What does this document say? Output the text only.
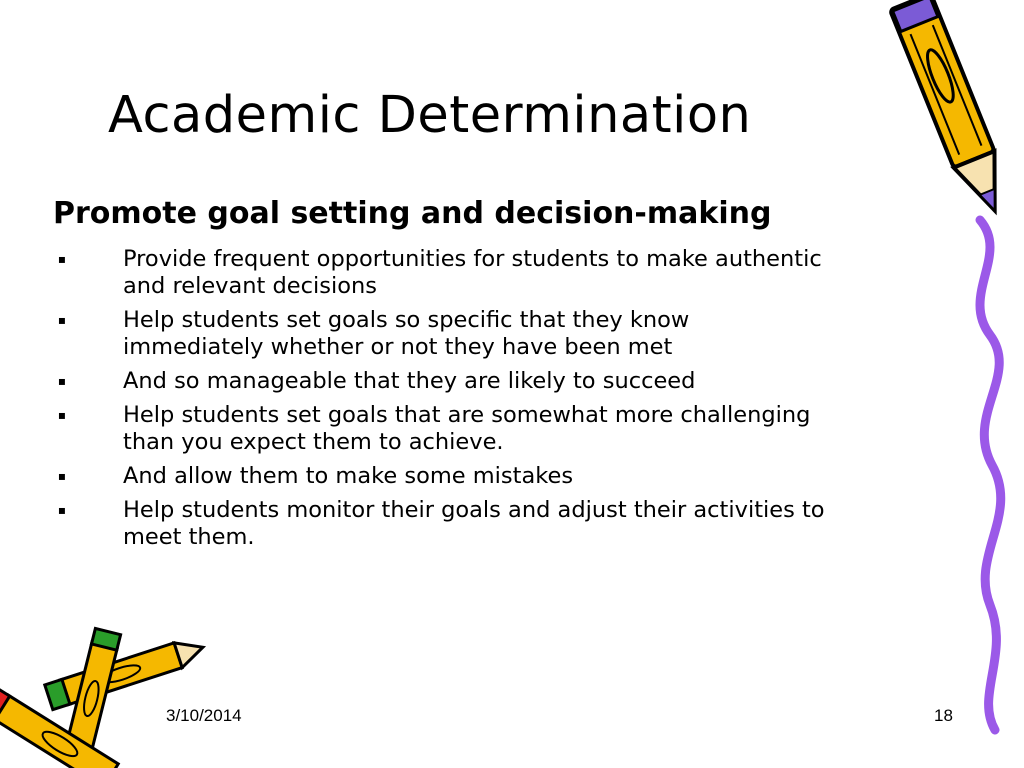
Academic Determination
Promote goal setting and decision-making
▪	Provide frequent opportunities for students to make authentic and relevant decisions
▪	Help students set goals so specific that they know immediately whether or not they have been met
▪	And so manageable that they are likely to succeed
▪	Help students set goals that are somewhat more challenging than you expect them to achieve.
▪	And allow them to make some mistakes
▪	Help students monitor their goals and adjust their activities to meet them.
3/10/2014	18
